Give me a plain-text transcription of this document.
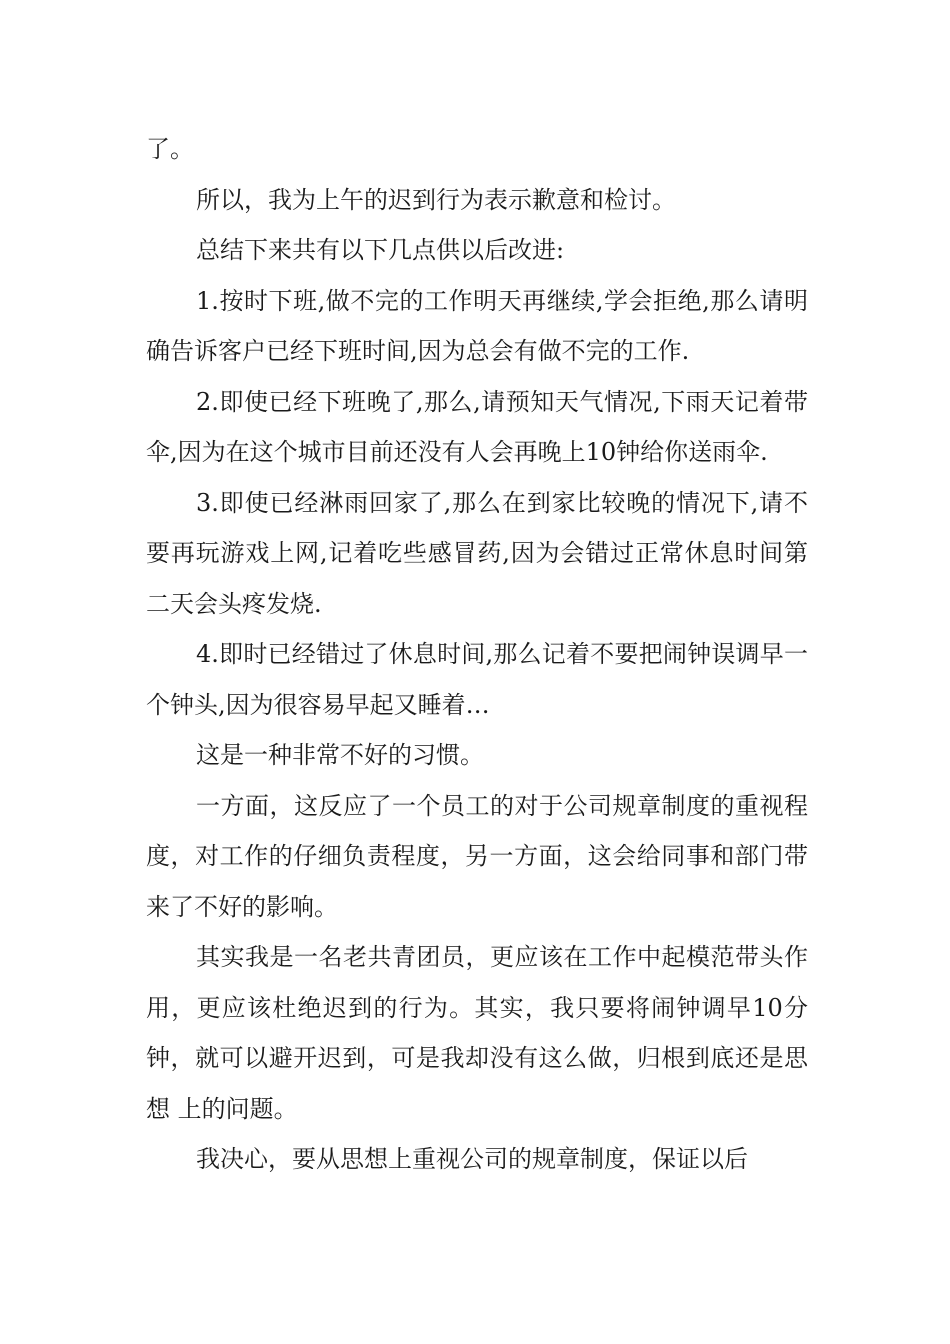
了。

所以，我为上午的迟到行为表示歉意和检讨。

总结下来共有以下几点供以后改进:

1.按时下班,做不完的工作明天再继续,学会拒绝,那么请明确告诉客户已经下班时间,因为总会有做不完的工作.

2.即使已经下班晚了,那么,请预知天气情况,下雨天记着带伞,因为在这个城市目前还没有人会再晚上10钟给你送雨伞.

3.即使已经淋雨回家了,那么在到家比较晚的情况下,请不要再玩游戏上网,记着吃些感冒药,因为会错过正常休息时间第二天会头疼发烧.

4.即时已经错过了休息时间,那么记着不要把闹钟误调早一个钟头,因为很容易早起又睡着…

这是一种非常不好的习惯。

一方面，这反应了一个员工的对于公司规章制度的重视程度，对工作的仔细负责程度，另一方面，这会给同事和部门带来了不好的影响。

其实我是一名老共青团员，更应该在工作中起模范带头作用，更应该杜绝迟到的行为。其实，我只要将闹钟调早10分钟，就可以避开迟到，可是我却没有这么做，归根到底还是思想 上的问题。

我决心，要从思想上重视公司的规章制度，保证以后
